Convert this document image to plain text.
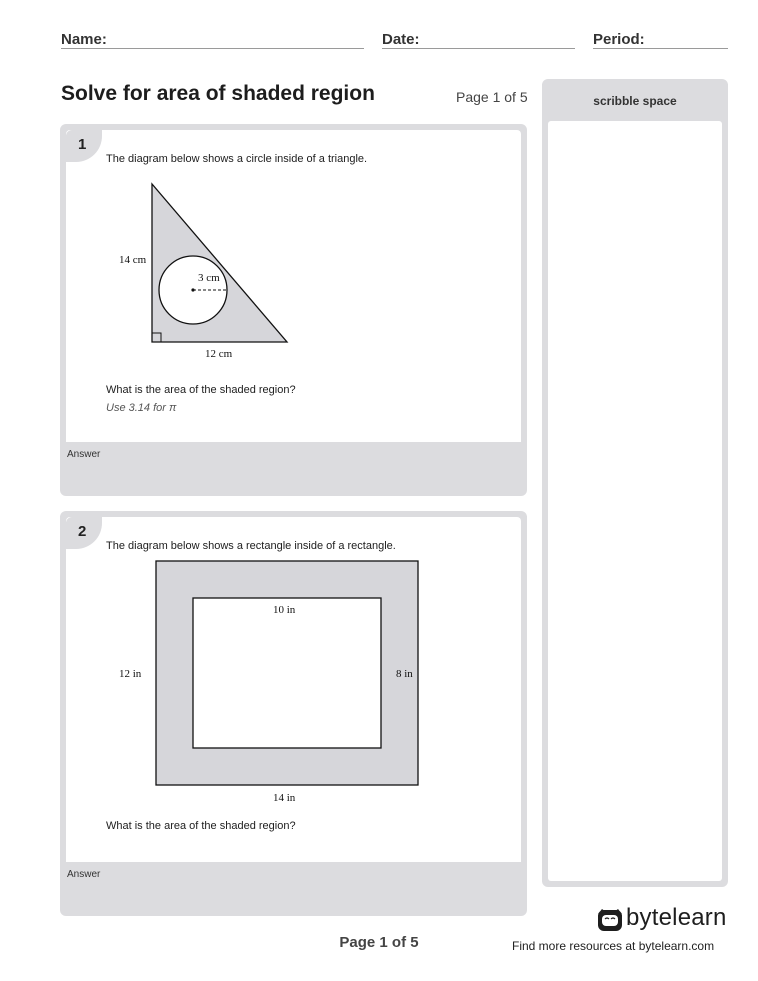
Name:	Date:	Period:
Solve for area of shaded region	Page 1 of 5
1
The diagram below shows a circle inside of a triangle.
14 cm
3 cm
12 cm
What is the area of the shaded region?
Use 3.14 for π
Answer
2
The diagram below shows a rectangle inside of a rectangle.
10 in
12 in	8 in
14 in
What is the area of the shaded region?
Answer
scribble space
Page 1 of 5
bytelearn
Find more resources at bytelearn.com
